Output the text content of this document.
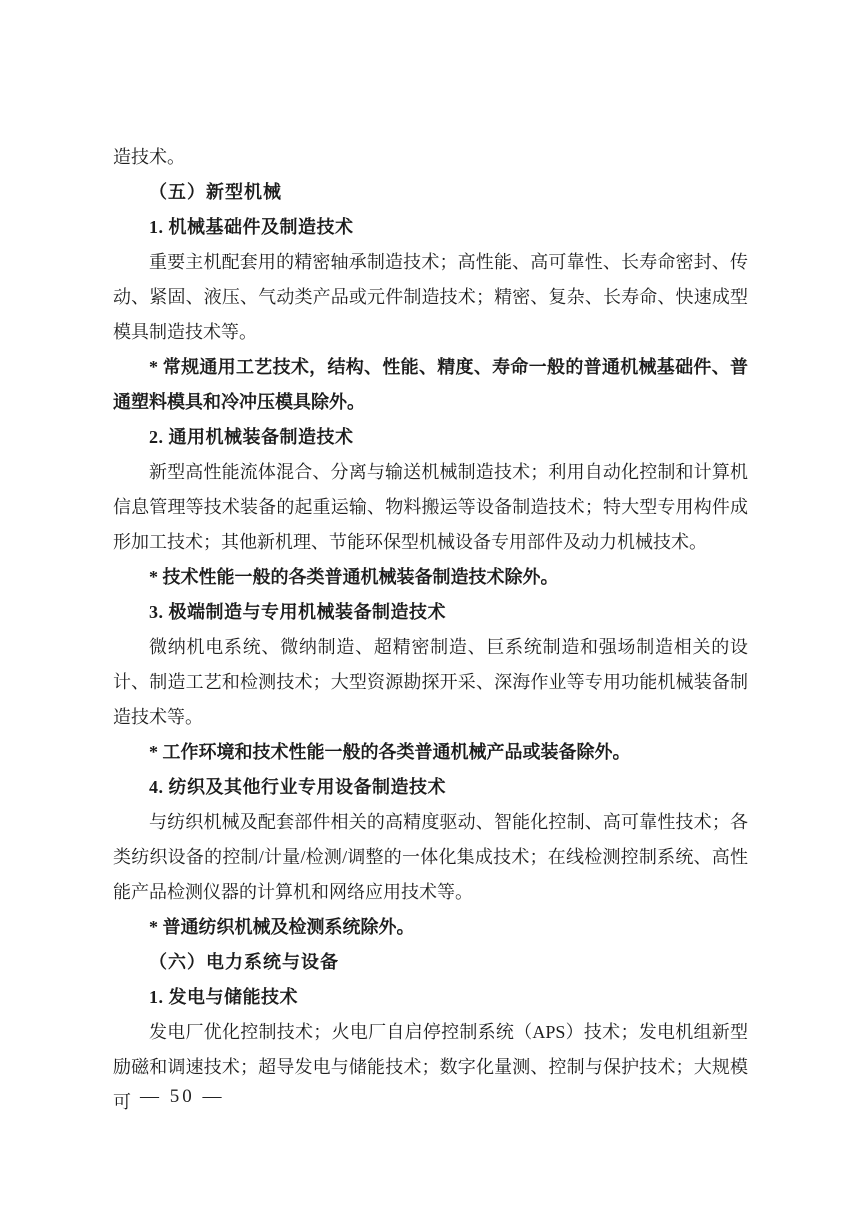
造技术。

（五）新型机械

1. 机械基础件及制造技术

重要主机配套用的精密轴承制造技术；高性能、高可靠性、长寿命密封、传动、紧固、液压、气动类产品或元件制造技术；精密、复杂、长寿命、快速成型模具制造技术等。

* 常规通用工艺技术，结构、性能、精度、寿命一般的普通机械基础件、普通塑料模具和冷冲压模具除外。

2. 通用机械装备制造技术

新型高性能流体混合、分离与输送机械制造技术；利用自动化控制和计算机信息管理等技术装备的起重运输、物料搬运等设备制造技术；特大型专用构件成形加工技术；其他新机理、节能环保型机械设备专用部件及动力机械技术。

* 技术性能一般的各类普通机械装备制造技术除外。

3. 极端制造与专用机械装备制造技术

微纳机电系统、微纳制造、超精密制造、巨系统制造和强场制造相关的设计、制造工艺和检测技术；大型资源勘探开采、深海作业等专用功能机械装备制造技术等。

* 工作环境和技术性能一般的各类普通机械产品或装备除外。

4. 纺织及其他行业专用设备制造技术

与纺织机械及配套部件相关的高精度驱动、智能化控制、高可靠性技术；各类纺织设备的控制/计量/检测/调整的一体化集成技术；在线检测控制系统、高性能产品检测仪器的计算机和网络应用技术等。

* 普通纺织机械及检测系统除外。

（六）电力系统与设备

1. 发电与储能技术

发电厂优化控制技术；火电厂自启停控制系统（APS）技术；发电机组新型励磁和调速技术；超导发电与储能技术；数字化量测、控制与保护技术；大规模可 — 50 —
